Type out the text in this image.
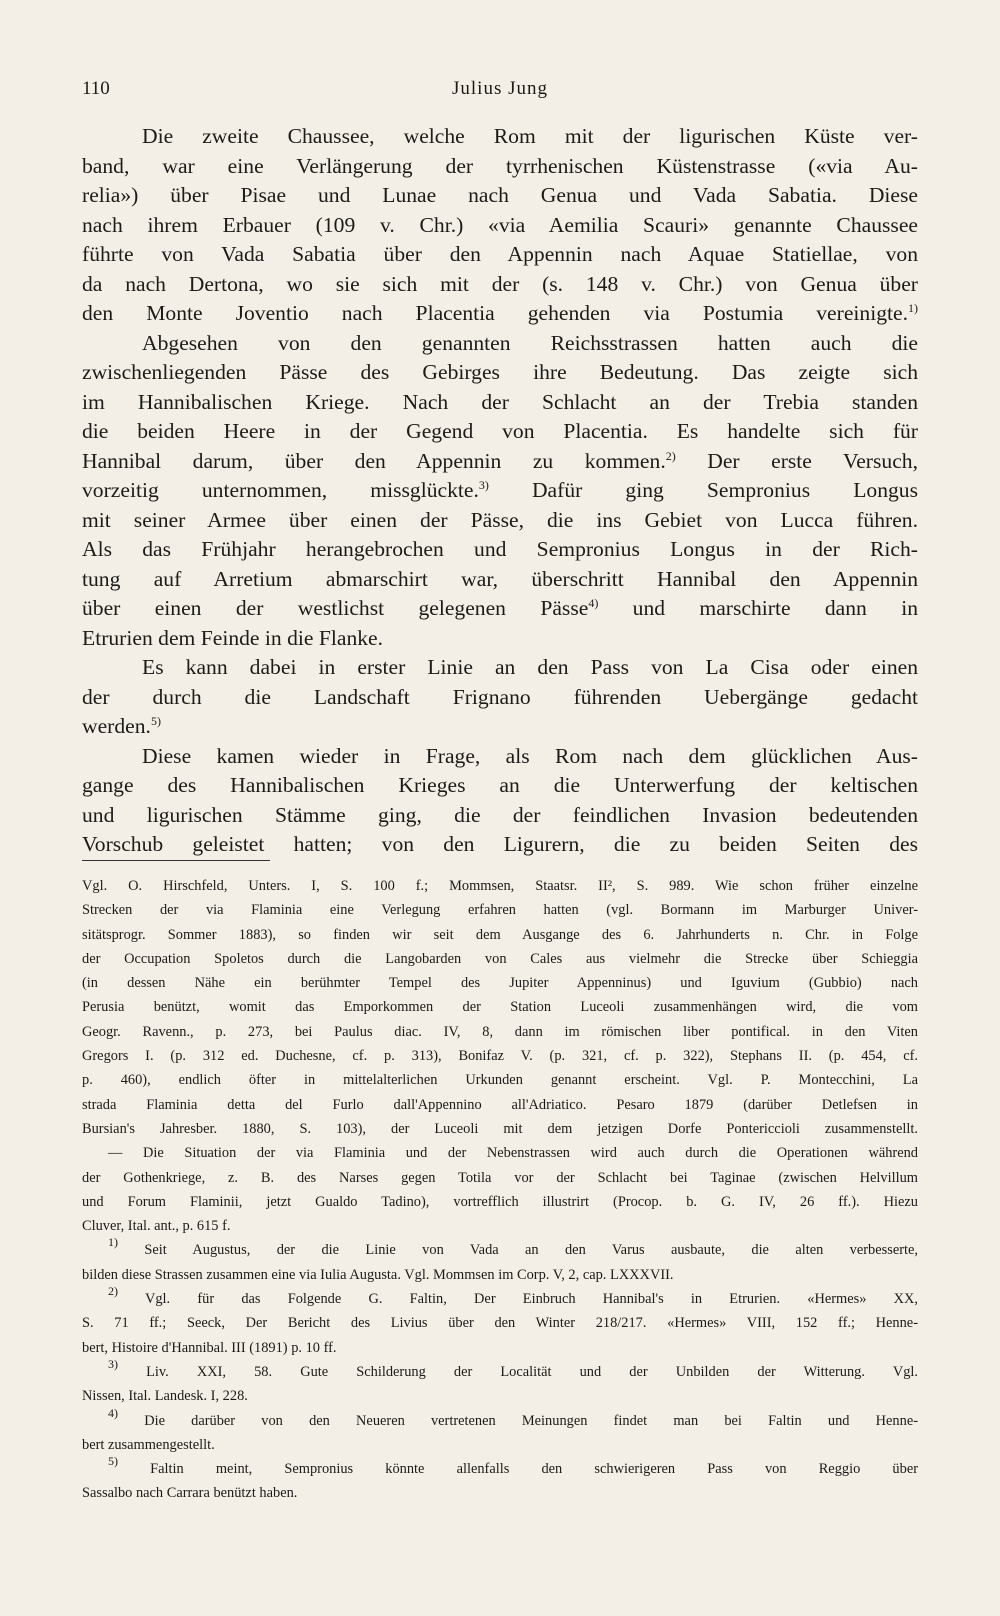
110	Julius Jung
Die zweite Chaussee, welche Rom mit der ligurischen Küste ver-
band, war eine Verlängerung der tyrrhenischen Küstenstrasse («via Au-
relia») über Pisae und Lunae nach Genua und Vada Sabatia. Diese
nach ihrem Erbauer (109 v. Chr.) «via Aemilia Scauri» genannte Chaussee
führte von Vada Sabatia über den Appennin nach Aquae Statiellae, von
da nach Dertona, wo sie sich mit der (s. 148 v. Chr.) von Genua über
den Monte Joventio nach Placentia gehenden via Postumia vereinigte.$^{1)}$
Abgesehen von den genannten Reichsstrassen hatten auch die
zwischenliegenden Pässe des Gebirges ihre Bedeutung. Das zeigte sich
im Hannibalischen Kriege. Nach der Schlacht an der Trebia standen
die beiden Heere in der Gegend von Placentia. Es handelte sich für
Hannibal darum, über den Appennin zu kommen.$^{2)}$ Der erste Versuch,
vorzeitig unternommen, missglückte.$^{3)}$ Dafür ging Sempronius Longus
mit seiner Armee über einen der Pässe, die ins Gebiet von Lucca führen.
Als das Frühjahr herangebrochen und Sempronius Longus in der Rich-
tung auf Arretium abmarschirt war, überschritt Hannibal den Appennin
über einen der westlichst gelegenen Pässe$^{4)}$ und marschirte dann in
Etrurien dem Feinde in die Flanke.
Es kann dabei in erster Linie an den Pass von La Cisa oder einen
der durch die Landschaft Frignano führenden Uebergänge gedacht
werden.$^{5)}$
Diese kamen wieder in Frage, als Rom nach dem glücklichen Aus-
gange des Hannibalischen Krieges an die Unterwerfung der keltischen
und ligurischen Stämme ging, die der feindlichen Invasion bedeutenden
Vorschub geleistet hatten; von den Ligurern, die zu beiden Seiten des
Vgl. O. Hirschfeld, Unters. I, S. 100 f.; Mommsen, Staatsr. II², S. 989. Wie schon früher einzelne
Strecken der via Flaminia eine Verlegung erfahren hatten (vgl. Bormann im Marburger Univer-
sitätsprogr. Sommer 1883), so finden wir seit dem Ausgange des 6. Jahrhunderts n. Chr. in Folge
der Occupation Spoletos durch die Langobarden von Cales aus vielmehr die Strecke über Schieggia
(in dessen Nähe ein berühmter Tempel des Jupiter Appenninus) und Iguvium (Gubbio) nach
Perusia benützt, womit das Emporkommen der Station Luceoli zusammenhängen wird, die vom
Geogr. Ravenn., p. 273, bei Paulus diac. IV, 8, dann im römischen liber pontifical. in den Viten
Gregors I. (p. 312 ed. Duchesne, cf. p. 313), Bonifaz V. (p. 321, cf. p. 322), Stephans II. (p. 454, cf.
p. 460), endlich öfter in mittelalterlichen Urkunden genannt erscheint. Vgl. P. Montecchini, La
strada Flaminia detta del Furlo dall'Appennino all'Adriatico. Pesaro 1879 (darüber Detlefsen in
Bursian's Jahresber. 1880, S. 103), der Luceoli mit dem jetzigen Dorfe Pontericcioli zusammenstellt.
— Die Situation der via Flaminia und der Nebenstrassen wird auch durch die Operationen während
der Gothenkriege, z. B. des Narses gegen Totila vor der Schlacht bei Taginae (zwischen Helvillum
und Forum Flaminii, jetzt Gualdo Tadino), vortrefflich illustrirt (Procop. b. G. IV, 26 ff.). Hiezu
Cluver, Ital. ant., p. 615 f.
$^{1)}$ Seit Augustus, der die Linie von Vada an den Varus ausbaute, die alten verbesserte,
bilden diese Strassen zusammen eine via Iulia Augusta. Vgl. Mommsen im Corp. V, 2, cap. LXXXVII.
$^{2)}$ Vgl. für das Folgende G. Faltin, Der Einbruch Hannibal's in Etrurien. «Hermes» XX,
S. 71 ff.; Seeck, Der Bericht des Livius über den Winter 218/217. «Hermes» VIII, 152 ff.; Henne-
bert, Histoire d'Hannibal. III (1891) p. 10 ff.
$^{3)}$ Liv. XXI, 58. Gute Schilderung der Localität und der Unbilden der Witterung. Vgl.
Nissen, Ital. Landesk. I, 228.
$^{4)}$ Die darüber von den Neueren vertretenen Meinungen findet man bei Faltin und Henne-
bert zusammengestellt.
$^{5)}$ Faltin meint, Sempronius könnte allenfalls den schwierigeren Pass von Reggio über
Sassalbo nach Carrara benützt haben.
